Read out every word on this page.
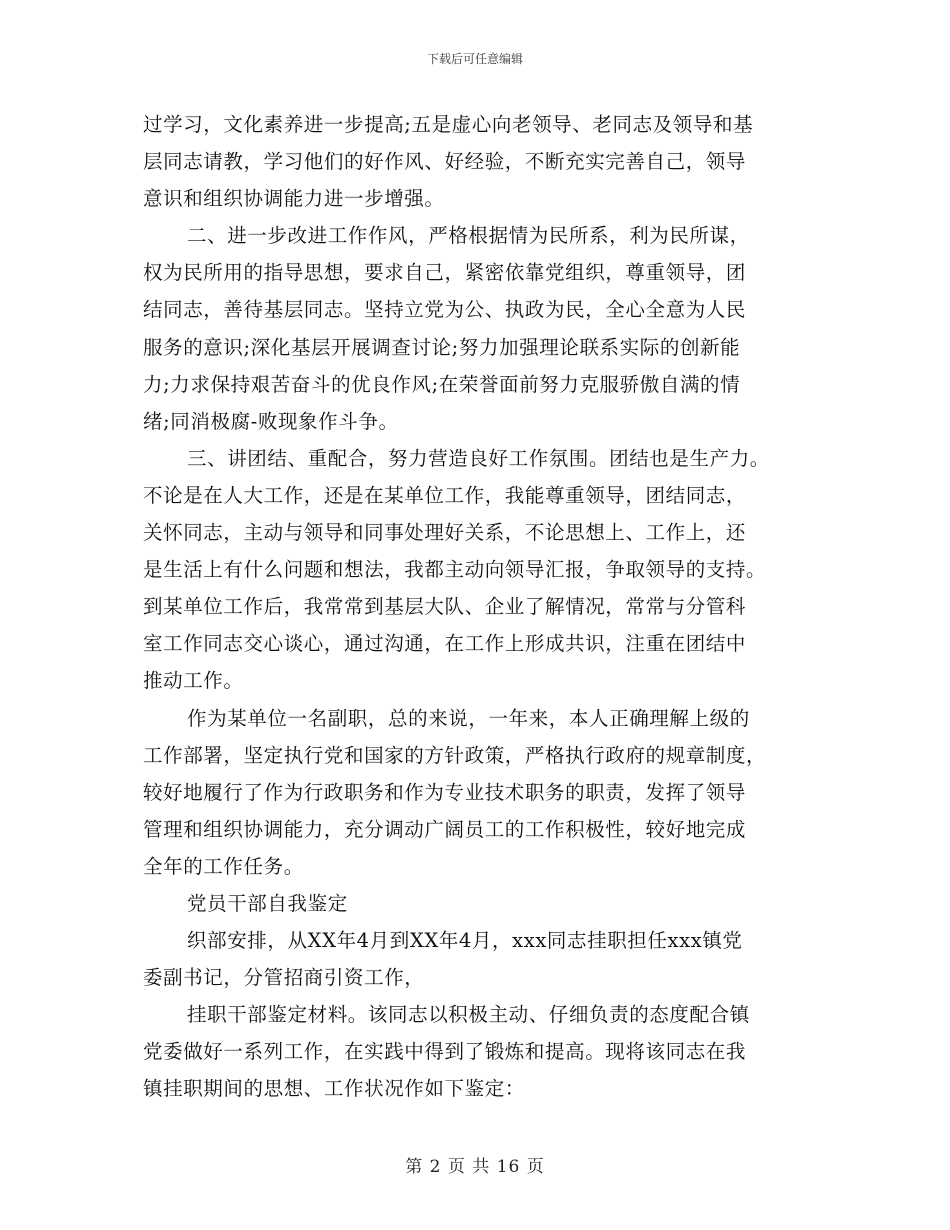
下载后可任意编辑
过学习，文化素养进一步提高;五是虚心向老领导、老同志及领导和基
层同志请教，学习他们的好作风、好经验，不断充实完善自己，领导
意识和组织协调能力进一步增强。
二、进一步改进工作作风，严格根据情为民所系，利为民所谋，
权为民所用的指导思想，要求自己，紧密依靠党组织，尊重领导，团
结同志，善待基层同志。坚持立党为公、执政为民，全心全意为人民
服务的意识;深化基层开展调查讨论;努力加强理论联系实际的创新能
力;力求保持艰苦奋斗的优良作风;在荣誉面前努力克服骄傲自满的情
绪;同消极腐-败现象作斗争。
三、讲团结、重配合，努力营造良好工作氛围。团结也是生产力。
不论是在人大工作，还是在某单位工作，我能尊重领导，团结同志，
关怀同志，主动与领导和同事处理好关系，不论思想上、工作上，还
是生活上有什么问题和想法，我都主动向领导汇报，争取领导的支持。
到某单位工作后，我常常到基层大队、企业了解情况，常常与分管科
室工作同志交心谈心，通过沟通，在工作上形成共识，注重在团结中
推动工作。
作为某单位一名副职，总的来说，一年来，本人正确理解上级的
工作部署，坚定执行党和国家的方针政策，严格执行政府的规章制度，
较好地履行了作为行政职务和作为专业技术职务的职责，发挥了领导
管理和组织协调能力，充分调动广阔员工的工作积极性，较好地完成
全年的工作任务。
党员干部自我鉴定
织部安排，从XX年4月到XX年4月，xxx同志挂职担任xxx镇党
委副书记，分管招商引资工作，
挂职干部鉴定材料。该同志以积极主动、仔细负责的态度配合镇
党委做好一系列工作，在实践中得到了锻炼和提高。现将该同志在我
镇挂职期间的思想、工作状况作如下鉴定：
第 2 页 共 16 页
